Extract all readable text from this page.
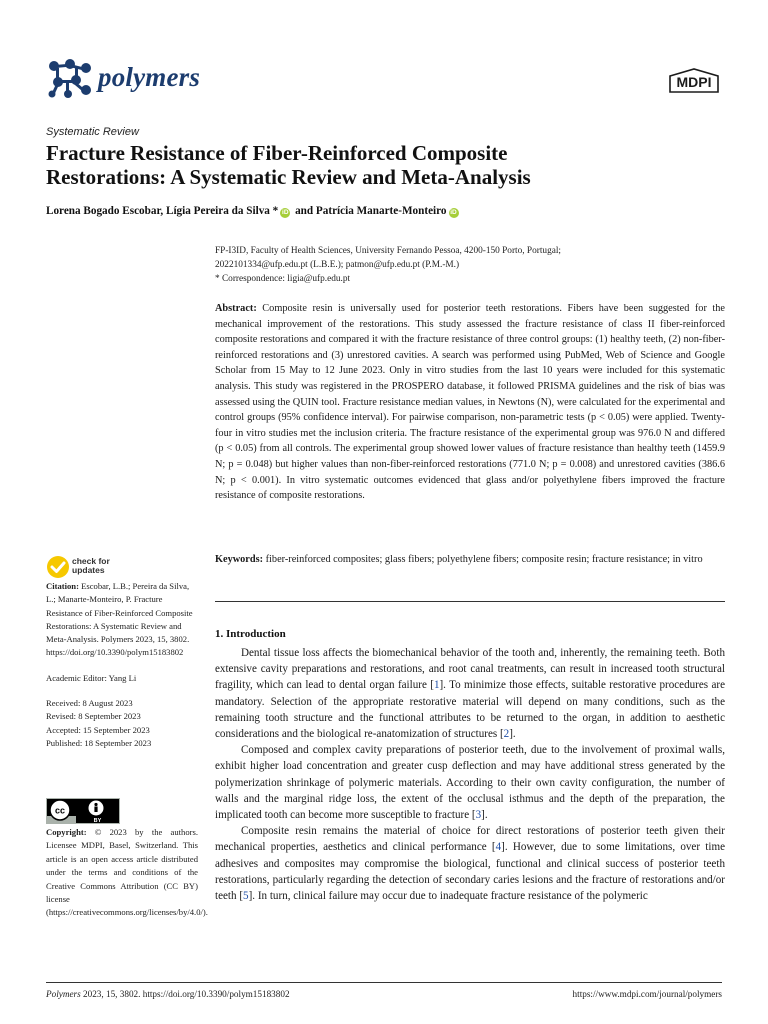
polymers	MDPI
Systematic Review
Fracture Resistance of Fiber-Reinforced Composite
Restorations: A Systematic Review and Meta-Analysis
Lorena Bogado Escobar, Lígia Pereira da Silva * iD and Patrícia Manarte-Monteiro iD

FP-I3ID, Faculty of Health Sciences, University Fernando Pessoa, 4200-150 Porto, Portugal;

2022101334@ufp.edu.pt (L.B.E.); patmon@ufp.edu.pt (P.M.-M.)

* Correspondence: ligia@ufp.edu.pt

Abstract: Composite resin is universally used for posterior teeth restorations. Fibers have been suggested for the mechanical improvement of the restorations. This study assessed the fracture resistance of class II fiber-reinforced composite restorations and compared it with the fracture resistance of three control groups: (1) healthy teeth, (2) non-fiber-reinforced restorations and (3) unrestored cavities. A search was performed using PubMed, Web of Science and Google Scholar from 15 May to 12 June 2023. Only in vitro studies from the last 10 years were included for this systematic analysis. This study was registered in the PROSPERO database, it followed PRISMA guidelines and the risk of bias was assessed using the QUIN tool. Fracture resistance median values, in Newtons (N), were calculated for the experimental and control groups (95% confidence interval). For pairwise comparison, non-parametric tests (p < 0.05) were applied. Twenty-four in vitro studies met the inclusion criteria. The fracture resistance of the experimental group was 976.0 N and differed (p < 0.05) from all controls. The experimental group showed lower values of fracture resistance than healthy teeth (1459.9 N; p = 0.048) but higher values than non-fiber-reinforced restorations (771.0 N; p = 0.008) and unrestored cavities (386.6 N; p < 0.001). In vitro systematic outcomes evidenced that glass and/or polyethylene fibers improved the fracture resistance of composite restorations.
Keywords: fiber-reinforced composites; glass fibers; polyethylene fibers; composite resin; fracture resistance; in vitro
1. Introduction

Dental tissue loss affects the biomechanical behavior of the tooth and, inherently, the remaining teeth. Both extensive cavity preparations and restorations, and root canal treatments, can result in increased tooth structural fragility, which can lead to dental organ failure [1]. To minimize those effects, suitable restorative procedures are mandatory. Selection of the appropriate restorative material will depend on many conditions, such as the remaining tooth structure and the functional attributes to be returned to the organ, in addition to aesthetic considerations and the biological re-anatomization of structures [2].

Composed and complex cavity preparations of posterior teeth, due to the involvement of proximal walls, exhibit higher load concentration and greater cusp deflection and may have additional stress generated by the polymerization shrinkage of polymeric materials. According to their own cavity configuration, the number of walls and the marginal ridge loss, the extent of the occlusal isthmus and the depth of the preparation, the implicated tooth can become more susceptible to fracture [3].

Composite resin remains the material of choice for direct restorations of posterior teeth given their mechanical properties, aesthetics and clinical performance [4]. However, due to some limitations, over time adhesives and composites may compromise the biological, functional and clinical success of posterior teeth restorations, particularly regarding the detection of secondary caries lesions and the fracture of restorations and/or teeth [5]. In turn, clinical failure may occur due to inadequate fracture resistance of the polymeric

check for
updates
Citation: Escobar, L.B.; Pereira da Silva, L.; Manarte-Monteiro, P. Fracture Resistance of Fiber-Reinforced Composite Restorations: A Systematic Review and Meta-Analysis. Polymers 2023, 15, 3802. https://doi.org/10.3390/polym15183802
Academic Editor: Yang Li
Received: 8 August 2023
Revised: 8 September 2023
Accepted: 15 September 2023
Published: 18 September 2023
cc
BY
Copyright: © 2023 by the authors. Licensee MDPI, Basel, Switzerland. This article is an open access article distributed under the terms and conditions of the Creative Commons Attribution (CC BY) license (https://creativecommons.org/licenses/by/4.0/).
Polymers 2023, 15, 3802. https://doi.org/10.3390/polym15183802	https://www.mdpi.com/journal/polymers
